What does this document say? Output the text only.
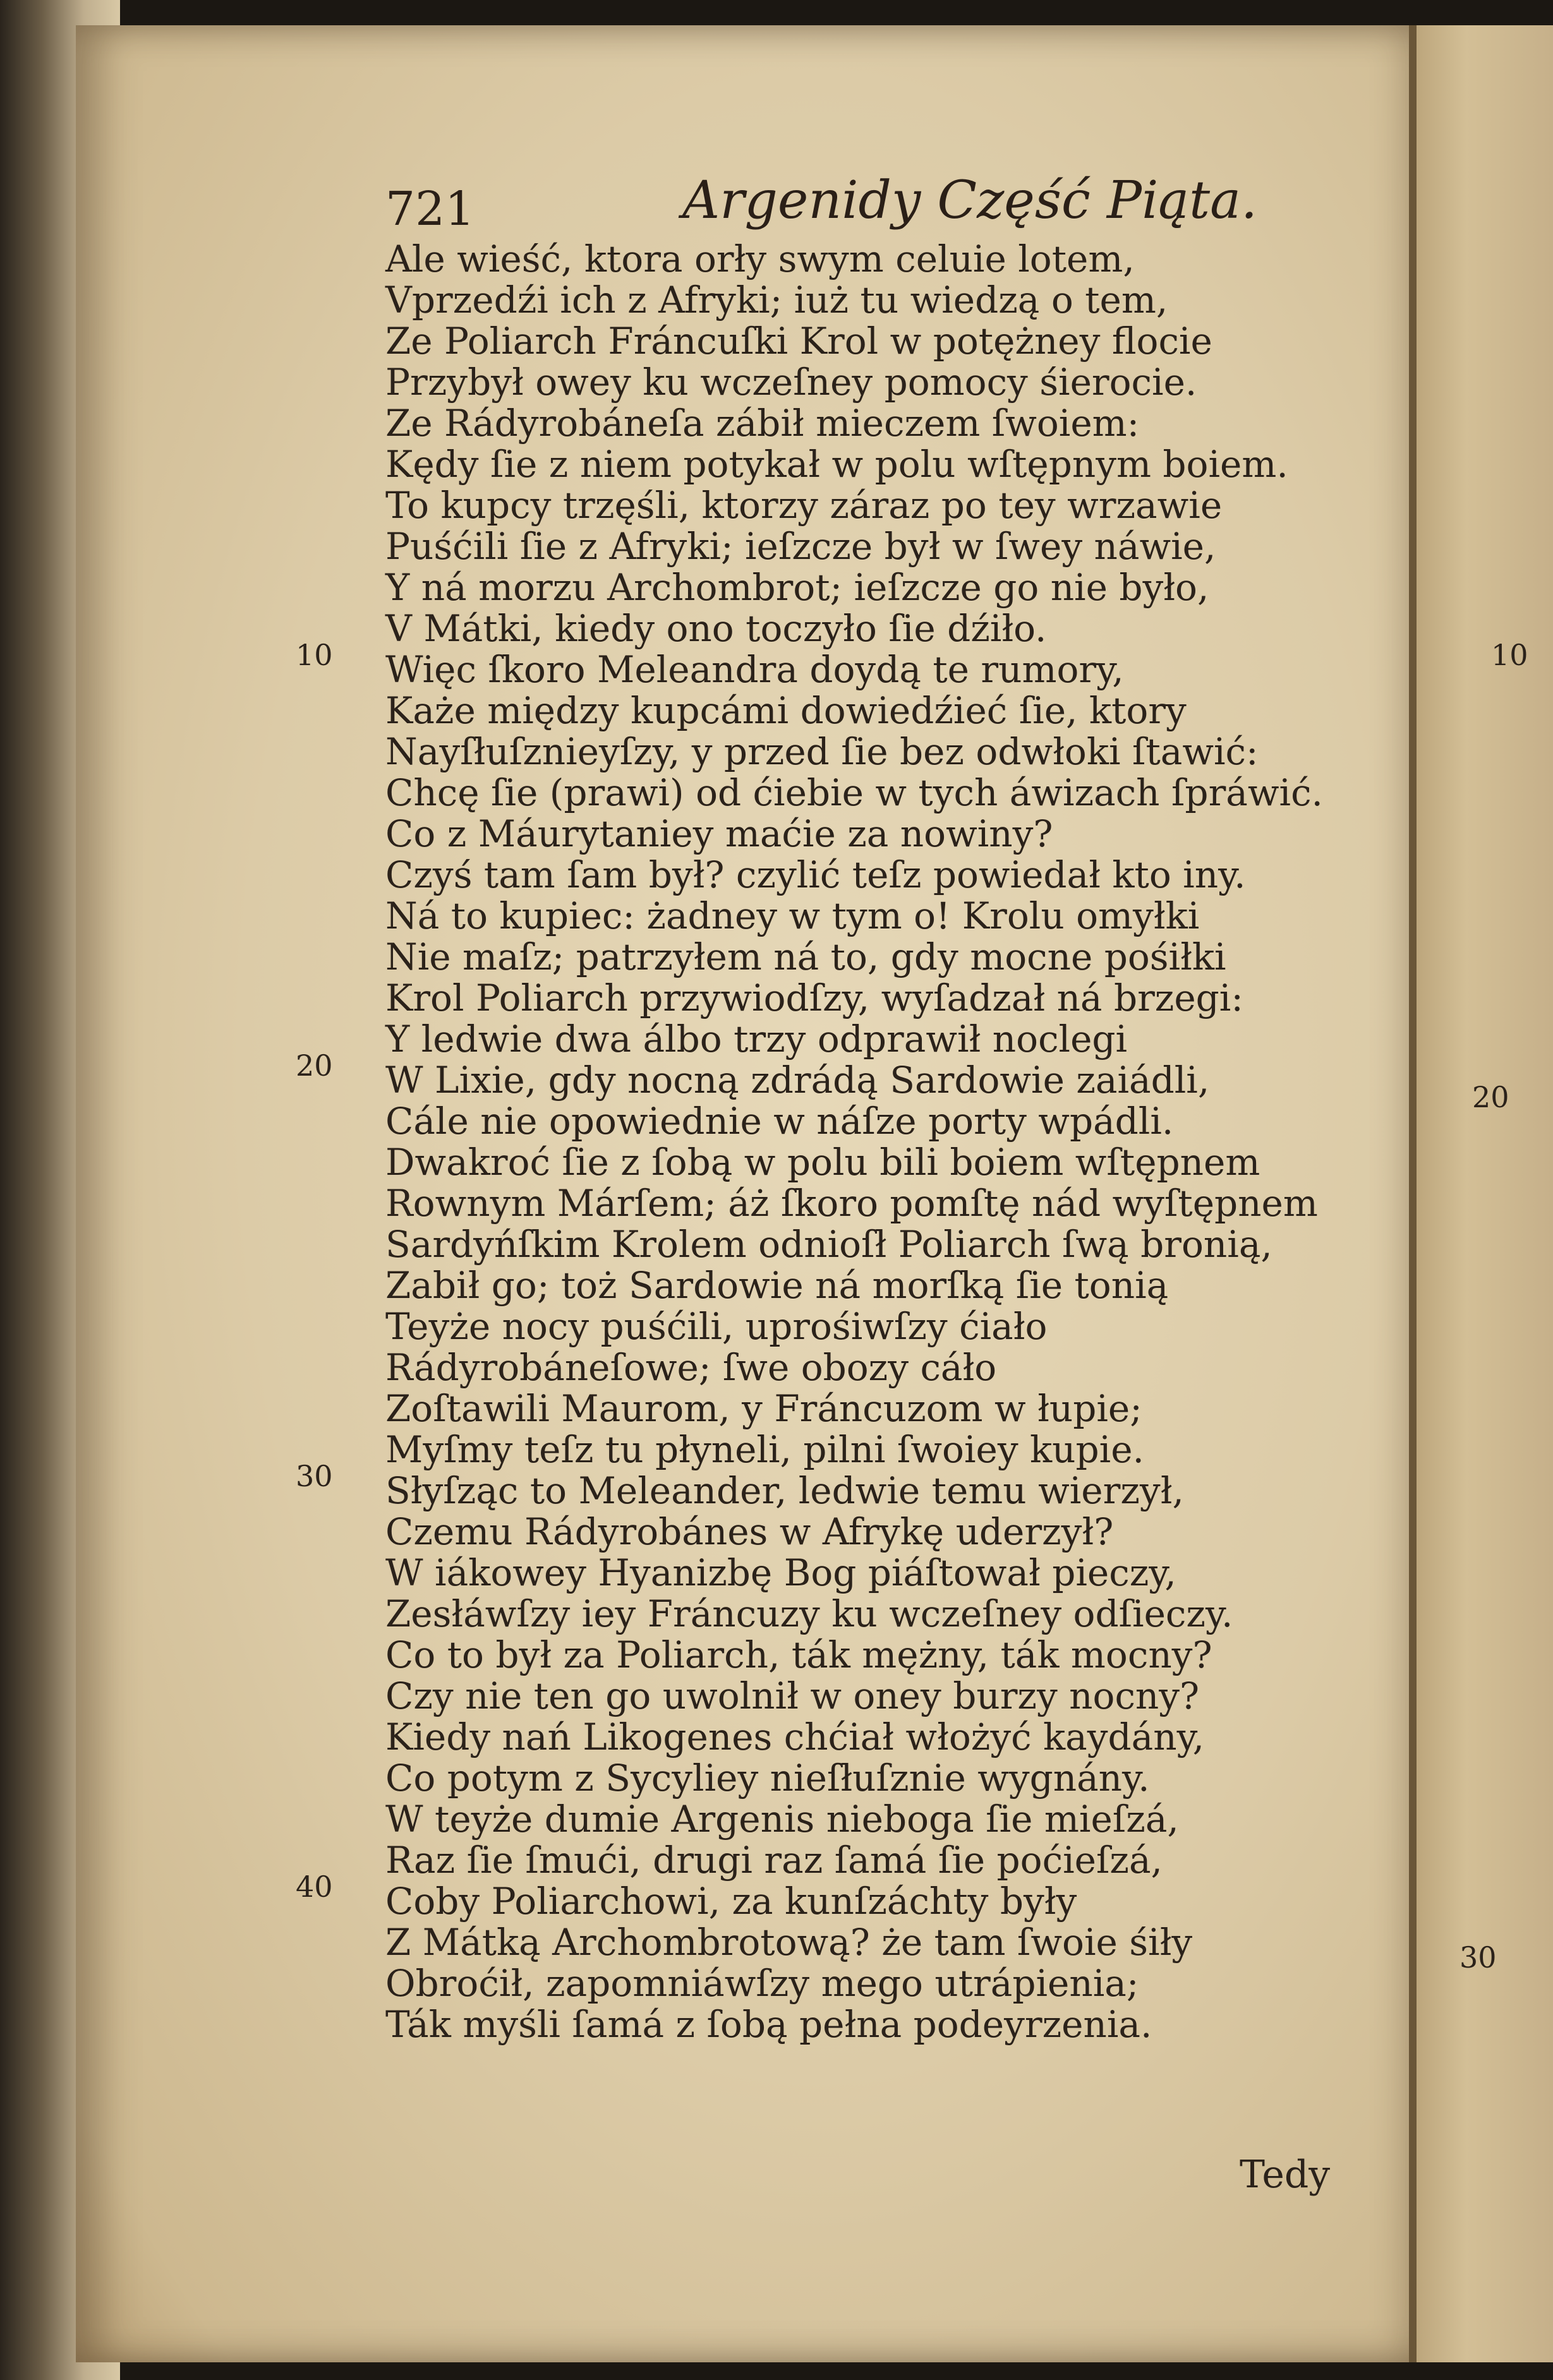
721	Argenidy Część Piąta.
Ale wieść, ktora orły swym celuie lotem,
Vprzedźi ich z Afryki; iuż tu wiedzą o tem,
Ze Poliarch Fráncuſki Krol w potężney flocie
Przybył owey ku wczeſney pomocy śierocie.
Ze Rádyrobáneſa zábił mieczem ſwoiem:
Kędy ſie z niem potykał w polu wſtępnym boiem.
To kupcy trzęśli, ktorzy záraz po tey wrzawie
Puśćili ſie z Afryki; ieſzcze był w ſwey náwie,
Y ná morzu Archombrot; ieſzcze go nie było,
V Mátki, kiedy ono toczyło ſie dźiło.
Więc ſkoro Meleandra doydą te rumory,
Każe między kupcámi dowiedźieć ſie, ktory
Nayſłuſznieyſzy, y przed ſie bez odwłoki ſtawić:
Chcę ſie (prawi) od ćiebie w tych áwizach ſpráwić.
Co z Máurytaniey maćie za nowiny?
Czyś tam ſam był? czylić teſz powiedał kto iny.
Ná to kupiec: żadney w tym o! Krolu omyłki
Nie maſz; patrzyłem ná to, gdy mocne pośiłki
Krol Poliarch przywiodſzy, wyſadzał ná brzegi:
Y ledwie dwa álbo trzy odprawił noclegi
W Lixie, gdy nocną zdrádą Sardowie zaiádli,
Cále nie opowiednie w náſze porty wpádli.
Dwakroć ſie z ſobą w polu bili boiem wſtępnem
Rownym Márſem; áż ſkoro pomſtę nád wyſtępnem
Sardyńſkim Krolem odnioſł Poliarch ſwą bronią,
Zabił go; toż Sardowie ná morſką ſie tonią
Teyże nocy puśćili, uprośiwſzy ćiało
Rádyrobáneſowe; ſwe obozy cáło
Zoſtawili Maurom, y Fráncuzom w łupie;
Myſmy teſz tu płyneli, pilni ſwoiey kupie.
Słyſząc to Meleander, ledwie temu wierzył,
Czemu Rádyrobánes w Afrykę uderzył?
W iákowey Hyanizbę Bog piáſtował pieczy,
Zesłáwſzy iey Fráncuzy ku wczeſney odſieczy.
Co to był za Poliarch, ták mężny, ták mocny?
Czy nie ten go uwolnił w oney burzy nocny?
Kiedy nań Likogenes chćiał włożyć kaydány,
Co potym z Sycyliey nieſłuſznie wygnány.
W teyże dumie Argenis nieboga ſie mieſzá,
Raz ſie ſmući, drugi raz ſamá ſie poćieſzá,
Coby Poliarchowi, za kunſzáchty były
Z Mátką Archombrotową? że tam ſwoie śiły
Obroćił, zapomniáwſzy mego utrápienia;
Ták myśli ſamá z ſobą pełna podeyrzenia.
10
20
30
40
10
20
30
Tedy
